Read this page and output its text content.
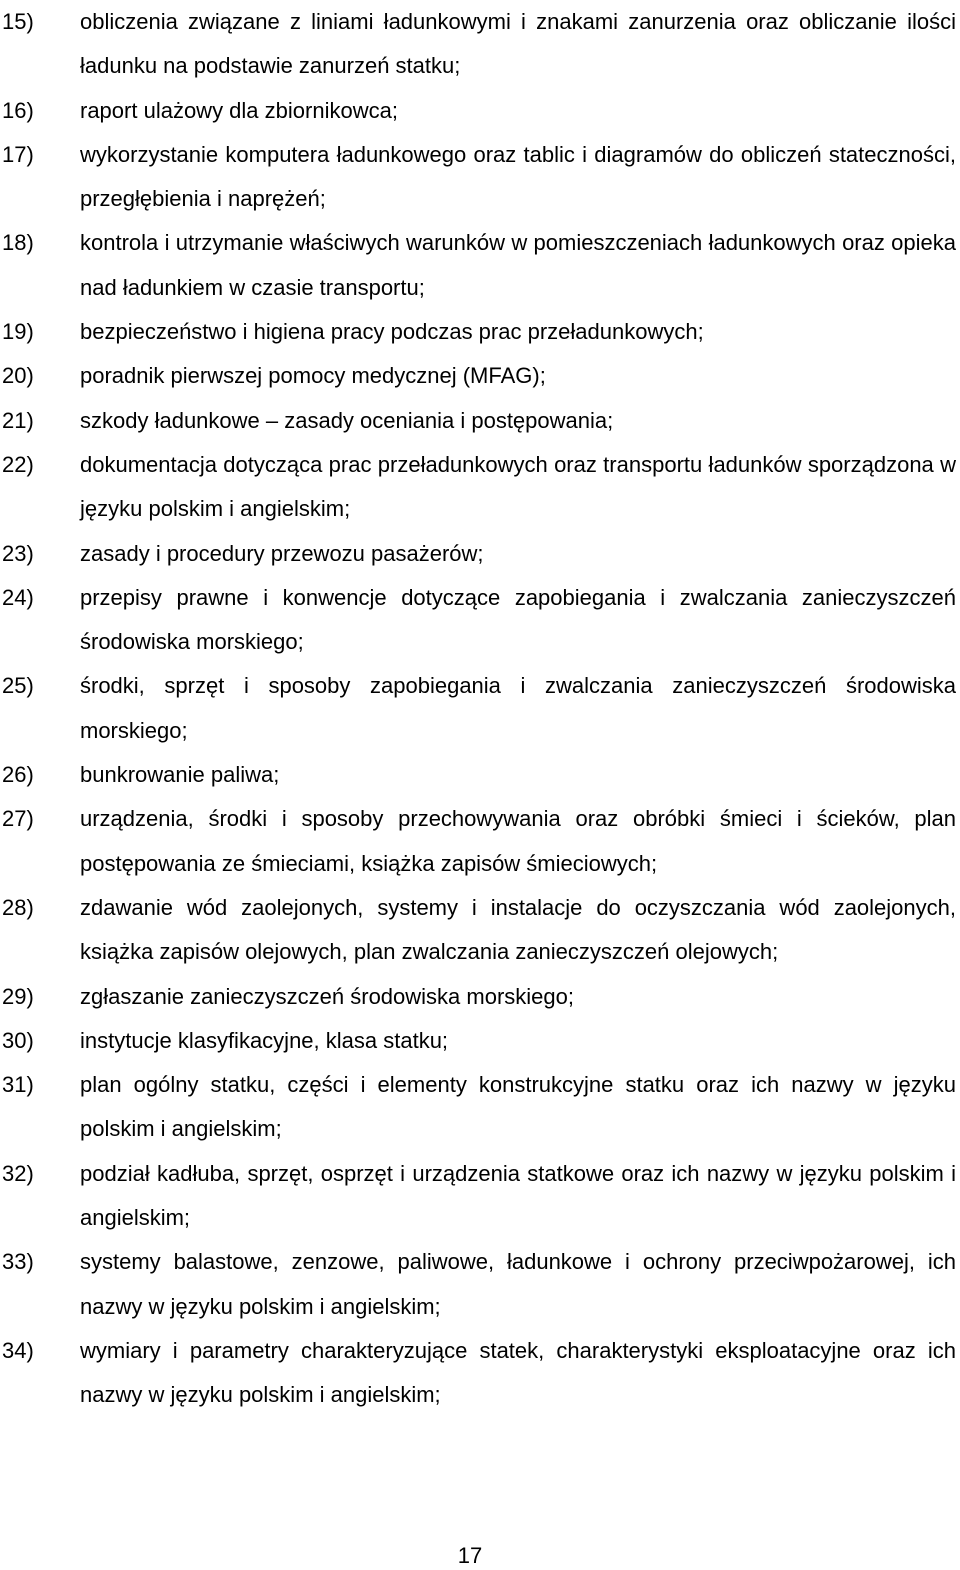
15)	obliczenia związane z liniami ładunkowymi i znakami zanurzenia oraz obliczanie ilości ładunku na podstawie zanurzeń statku;
16)	raport ulażowy dla zbiornikowca;
17)	wykorzystanie komputera ładunkowego oraz tablic i diagramów do obliczeń stateczności, przegłębienia i naprężeń;
18)	kontrola i utrzymanie właściwych warunków w pomieszczeniach ładunkowych oraz opieka nad ładunkiem w czasie transportu;
19)	bezpieczeństwo i higiena pracy podczas prac przeładunkowych;
20)	poradnik pierwszej pomocy medycznej (MFAG);
21)	szkody ładunkowe – zasady oceniania i postępowania;
22)	dokumentacja dotycząca prac przeładunkowych oraz transportu ładunków sporządzona w języku polskim i angielskim;
23)	zasady i procedury przewozu pasażerów;
24)	przepisy prawne i konwencje dotyczące zapobiegania i zwalczania zanieczyszczeń środowiska morskiego;
25)	środki, sprzęt i sposoby zapobiegania i zwalczania zanieczyszczeń środowiska morskiego;
26)	bunkrowanie paliwa;
27)	urządzenia, środki i sposoby przechowywania oraz obróbki śmieci i ścieków, plan postępowania ze śmieciami, książka zapisów śmieciowych;
28)	zdawanie wód zaolejonych, systemy i instalacje do oczyszczania wód zaolejonych, książka zapisów olejowych, plan zwalczania zanieczyszczeń olejowych;
29)	zgłaszanie zanieczyszczeń środowiska morskiego;
30)	instytucje klasyfikacyjne, klasa statku;
31)	plan ogólny statku, części i elementy konstrukcyjne statku oraz ich nazwy w języku polskim i angielskim;
32)	podział kadłuba, sprzęt, osprzęt i urządzenia statkowe oraz ich nazwy w języku polskim i angielskim;
33)	systemy balastowe, zenzowe, paliwowe, ładunkowe i ochrony przeciwpożarowej, ich nazwy w języku polskim i angielskim;
34)	wymiary i parametry charakteryzujące statek, charakterystyki eksploatacyjne oraz ich nazwy w języku polskim i angielskim;
17
